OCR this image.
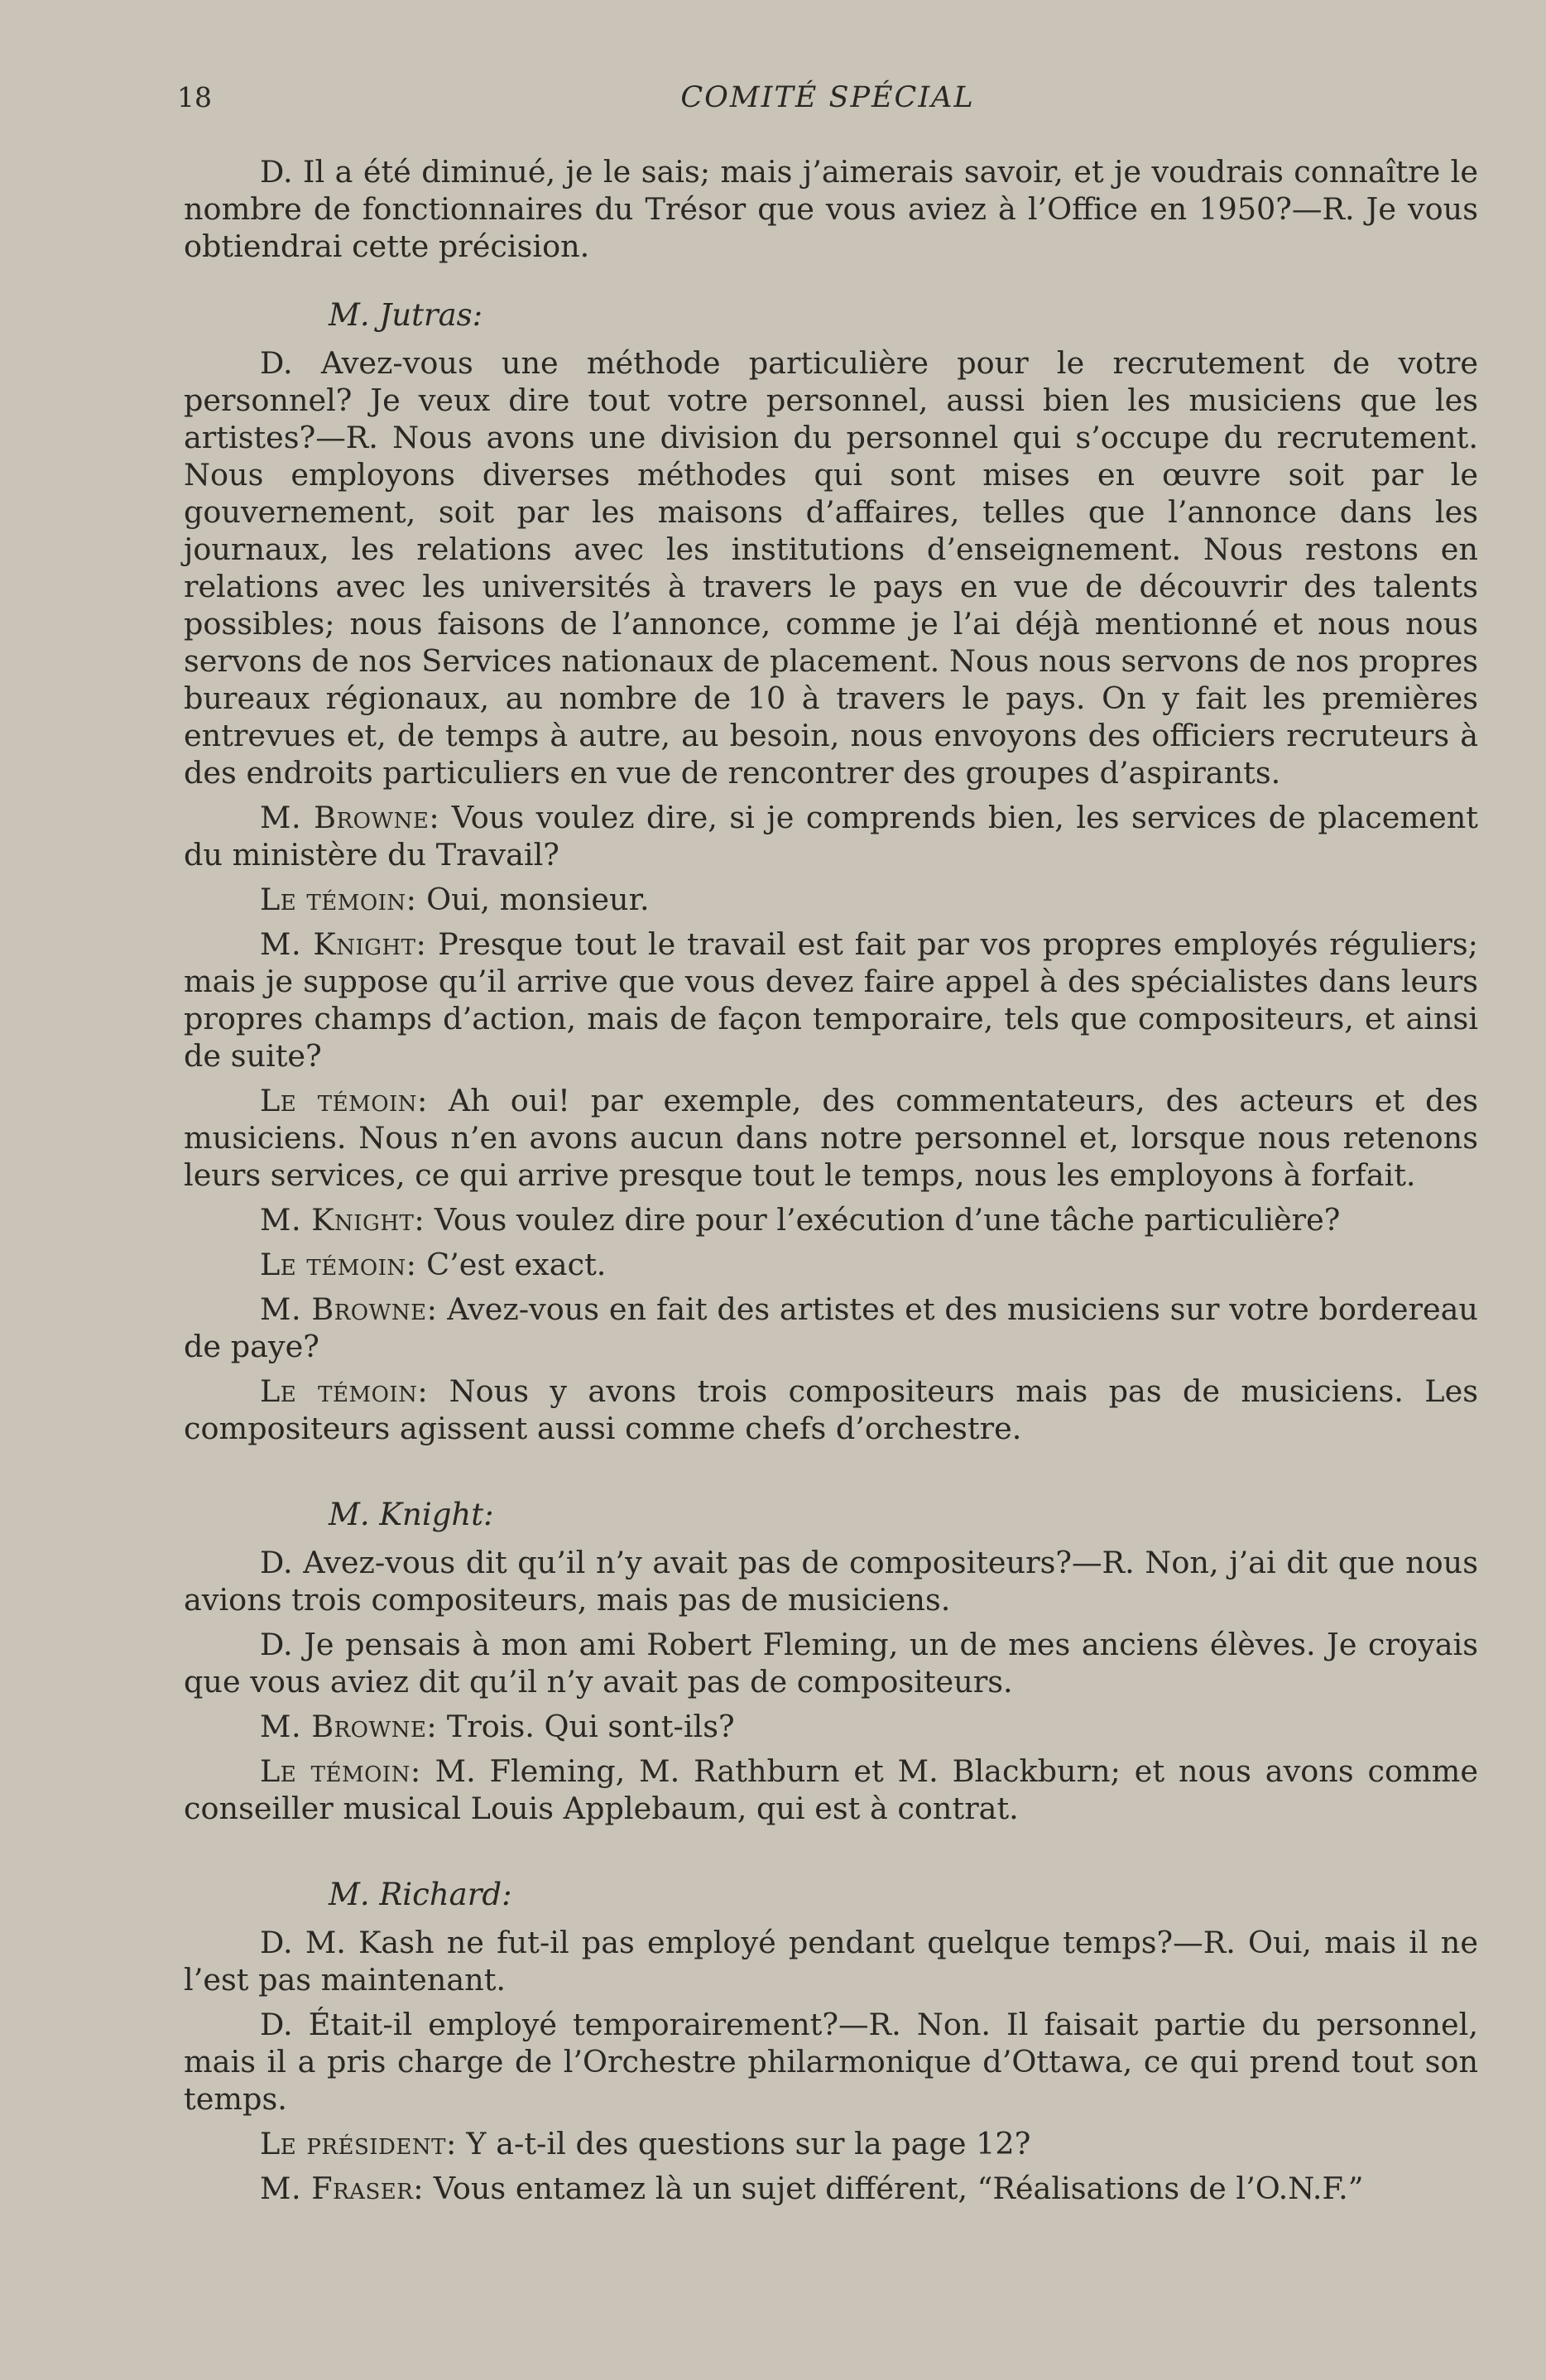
18	COMITÉ SPÉCIAL

D. Il a été diminué, je le sais; mais j’aimerais savoir, et je voudrais connaître le nombre de fonctionnaires du Trésor que vous aviez à l’Office en 1950?—R. Je vous obtiendrai cette précision.

M. Jutras:

D. Avez-vous une méthode particulière pour le recrutement de votre personnel? Je veux dire tout votre personnel, aussi bien les musiciens que les artistes?—R. Nous avons une division du personnel qui s’occupe du recrutement. Nous employons diverses méthodes qui sont mises en œuvre soit par le gouvernement, soit par les maisons d’affaires, telles que l’annonce dans les journaux, les relations avec les institutions d’enseignement. Nous restons en relations avec les universités à travers le pays en vue de découvrir des talents possibles; nous faisons de l’annonce, comme je l’ai déjà mentionné et nous nous servons de nos Services nationaux de placement. Nous nous servons de nos propres bureaux régionaux, au nombre de 10 à travers le pays. On y fait les premières entrevues et, de temps à autre, au besoin, nous envoyons des officiers recruteurs à des endroits particuliers en vue de rencontrer des groupes d’aspirants.

M. Browne: Vous voulez dire, si je comprends bien, les services de placement du ministère du Travail?

Le témoin: Oui, monsieur.

M. Knight: Presque tout le travail est fait par vos propres employés réguliers; mais je suppose qu’il arrive que vous devez faire appel à des spécialistes dans leurs propres champs d’action, mais de façon temporaire, tels que compositeurs, et ainsi de suite?

Le témoin: Ah oui! par exemple, des commentateurs, des acteurs et des musiciens. Nous n’en avons aucun dans notre personnel et, lorsque nous retenons leurs services, ce qui arrive presque tout le temps, nous les employons à forfait.

M. Knight: Vous voulez dire pour l’exécution d’une tâche particulière?

Le témoin: C’est exact.

M. Browne: Avez-vous en fait des artistes et des musiciens sur votre bordereau de paye?

Le témoin: Nous y avons trois compositeurs mais pas de musiciens. Les compositeurs agissent aussi comme chefs d’orchestre.

M. Knight:

D. Avez-vous dit qu’il n’y avait pas de compositeurs?—R. Non, j’ai dit que nous avions trois compositeurs, mais pas de musiciens.

D. Je pensais à mon ami Robert Fleming, un de mes anciens élèves. Je croyais que vous aviez dit qu’il n’y avait pas de compositeurs.

M. Browne: Trois. Qui sont-ils?

Le témoin: M. Fleming, M. Rathburn et M. Blackburn; et nous avons comme conseiller musical Louis Applebaum, qui est à contrat.

M. Richard:

D. M. Kash ne fut-il pas employé pendant quelque temps?—R. Oui, mais il ne l’est pas maintenant.

D. Était-il employé temporairement?—R. Non. Il faisait partie du personnel, mais il a pris charge de l’Orchestre philarmonique d’Ottawa, ce qui prend tout son temps.

Le président: Y a-t-il des questions sur la page 12?

M. Fraser: Vous entamez là un sujet différent, “Réalisations de l’O.N.F.”
